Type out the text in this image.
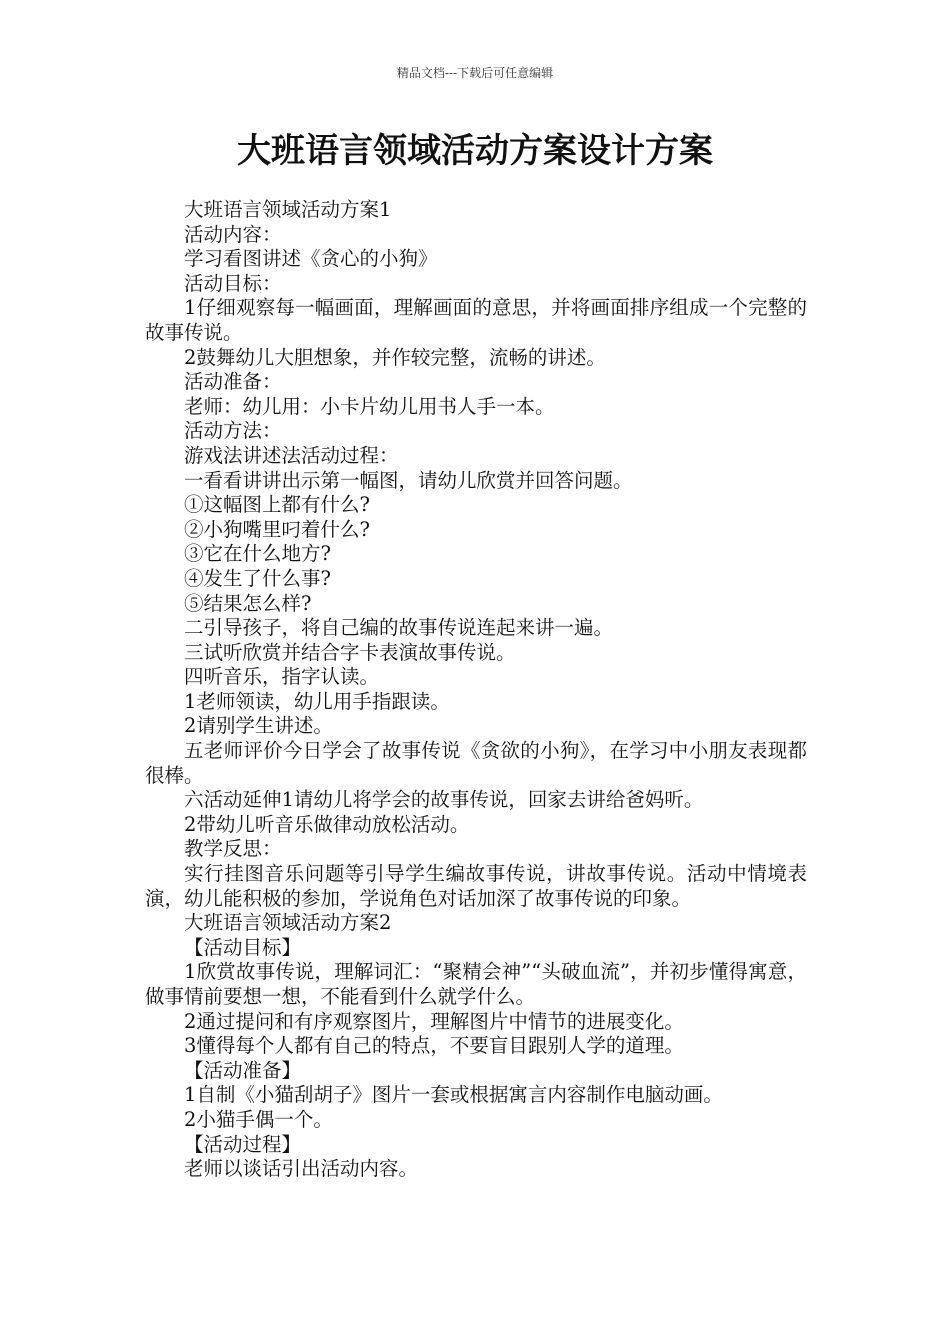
精品文档---下载后可任意编辑
大班语言领域活动方案设计方案

大班语言领域活动方案1

活动内容：

学习看图讲述《贪心的小狗》

活动目标：

1仔细观察每一幅画面，理解画面的意思，并将画面排序组成一个完整的故事传说。

2鼓舞幼儿大胆想象，并作较完整，流畅的讲述。

活动准备：

老师：幼儿用：小卡片幼儿用书人手一本。

活动方法：

游戏法讲述法活动过程：

一看看讲讲出示第一幅图，请幼儿欣赏并回答问题。

①这幅图上都有什么?

②小狗嘴里叼着什么?

③它在什么地方?

④发生了什么事?

⑤结果怎么样?

二引导孩子，将自己编的故事传说连起来讲一遍。

三试听欣赏并结合字卡表演故事传说。

四听音乐，指字认读。

1老师领读，幼儿用手指跟读。

2请别学生讲述。

五老师评价今日学会了故事传说《贪欲的小狗》，在学习中小朋友表现都很棒。

六活动延伸1请幼儿将学会的故事传说，回家去讲给爸妈听。

2带幼儿听音乐做律动放松活动。

教学反思：

实行挂图音乐问题等引导学生编故事传说，讲故事传说。活动中情境表演，幼儿能积极的参加，学说角色对话加深了故事传说的印象。

大班语言领域活动方案2

【活动目标】

1欣赏故事传说，理解词汇：“聚精会神”“头破血流”，并初步懂得寓意，做事情前要想一想，不能看到什么就学什么。

2通过提问和有序观察图片，理解图片中情节的进展变化。

3懂得每个人都有自己的特点，不要盲目跟别人学的道理。

【活动准备】

1自制《小猫刮胡子》图片一套或根据寓言内容制作电脑动画。

2小猫手偶一个。

【活动过程】

老师以谈话引出活动内容。
